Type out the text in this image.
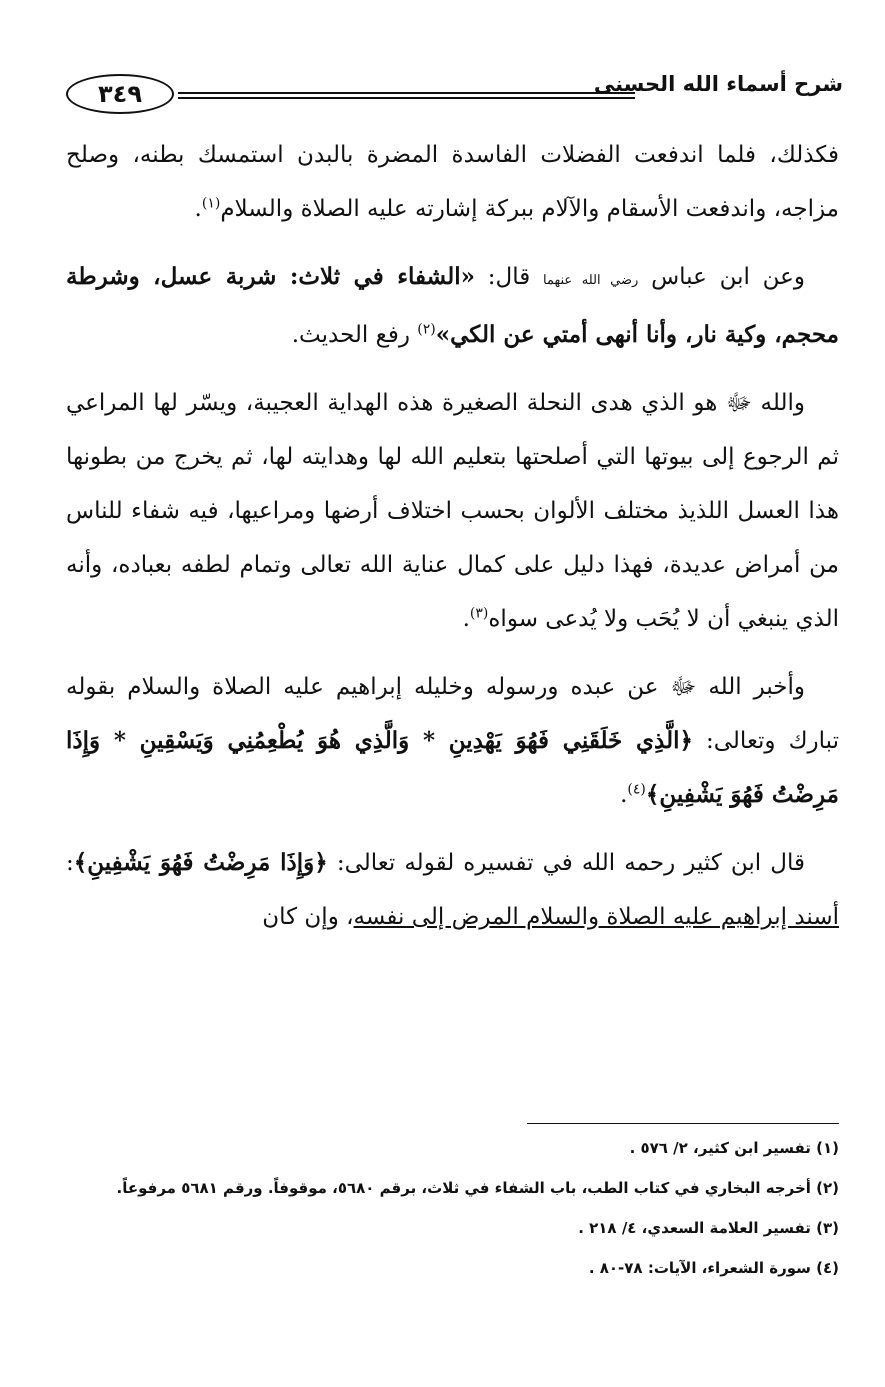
شرح أسماء الله الحسنى
٣٤٩

فكذلك، فلما اندفعت الفضلات الفاسدة المضرة بالبدن استمسك بطنه، وصلح مزاجه، واندفعت الأسقام والآلام ببركة إشارته عليه الصلاة والسلام$^{(١)}$.

وعن ابن عباس رضي الله عنهما قال: «الشفاء في ثلاث: شربة عسل، وشرطة محجم، وكية نار، وأنا أنهى أمتي عن الكي»$^{(٢)}$ رفع الحديث.

والله ﷻ هو الذي هدى النحلة الصغيرة هذه الهداية العجيبة، ويسّر لها المراعي ثم الرجوع إلى بيوتها التي أصلحتها بتعليم الله لها وهدايته لها، ثم يخرج من بطونها هذا العسل اللذيذ مختلف الألوان بحسب اختلاف أرضها ومراعيها، فيه شفاء للناس من أمراض عديدة، فهذا دليل على كمال عناية الله تعالى وتمام لطفه بعباده، وأنه الذي ينبغي أن لا يُحَب ولا يُدعى سواه$^{(٣)}$.

وأخبر الله ﷻ عن عبده ورسوله وخليله إبراهيم عليه الصلاة والسلام بقوله تبارك وتعالى: ﴿الَّذِي خَلَقَنِي فَهُوَ يَهْدِينِ * وَالَّذِي هُوَ يُطْعِمُنِي وَيَسْقِينِ * وَإِذَا مَرِضْتُ فَهُوَ يَشْفِينِ﴾$^{(٤)}$.

قال ابن كثير رحمه الله في تفسيره لقوله تعالى: ﴿وَإِذَا مَرِضْتُ فَهُوَ يَشْفِينِ﴾: أسند إبراهيم عليه الصلاة والسلام المرض إلى نفسه، وإن كان

(١) تفسير ابن كثير، ٢/ ٥٧٦ .

(٢) أخرجه البخاري في كتاب الطب، باب الشفاء في ثلاث، برقم ٥٦٨٠، موقوفاً. ورقم ٥٦٨١ مرفوعاً.

(٣) تفسير العلامة السعدي، ٤/ ٢١٨ .

(٤) سورة الشعراء، الآيات: ٧٨-٨٠ .
